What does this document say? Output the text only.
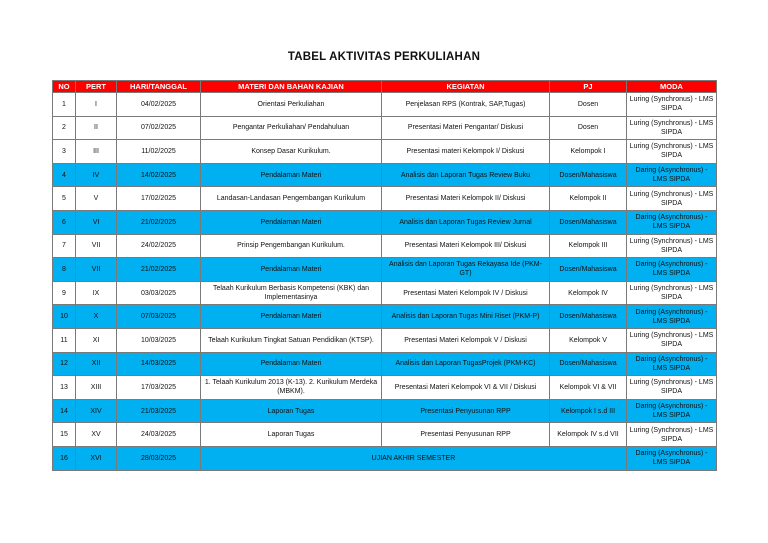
TABEL AKTIVITAS PERKULIAHAN
NO	PERT	HARI/TANGGAL	MATERI DAN BAHAN KAJIAN	KEGIATAN	PJ	MODA
1	I	04/02/2025	Orientasi Perkuliahan	Penjelasan RPS (Kontrak, SAP,Tugas)	Dosen	Luring (Synchronus) - LMS SIPDA
2	II	07/02/2025	Pengantar Perkuliahan/ Pendahuluan	Presentasi Materi Pengantar/ Diskusi	Dosen	Luring (Synchronus) - LMS SIPDA
3	III	11/02/2025	Konsep Dasar Kurikulum.	Presentasi materi Kelompok I/ Diskusi	Kelompok I	Luring (Synchronus) - LMS SIPDA
4	IV	14/02/2025	Pendalaman Materi	Analisis dan Laporan Tugas Review Buku	Dosen/Mahasiswa	Daring (Asynchronus) - LMS SIPDA
5	V	17/02/2025	Landasan-Landasan Pengembangan Kurikulum	Presentasi Materi Kelompok II/ Diskusi	Kelompok II	Luring (Synchronus) - LMS SIPDA
6	VI	21/02/2025	Pendalaman Materi	Analisis dan Laporan Tugas Review Jurnal	Dosen/Mahasiswa	Daring (Asynchronus) - LMS SIPDA
7	VII	24/02/2025	Prinsip Pengembangan Kurikulum.	Presentasi Materi Kelompok III/ Diskusi	Kelompok III	Luring (Synchronus) - LMS SIPDA
8	VII	21/02/2025	Pendalaman Materi	Analisis dan Laporan Tugas Rekayasa Ide (PKM-GT)	Dosen/Mahasiswa	Daring (Asynchronus) - LMS SIPDA
9	IX	03/03/2025	Telaah Kurikulum Berbasis Kompetensi (KBK) dan Implementasinya	Presentasi Materi Kelompok IV / Diskusi	Kelompok IV	Luring (Synchronus) - LMS SIPDA
10	X	07/03/2025	Pendalaman Materi	Analisis dan Laporan Tugas Mini Riset (PKM-P)	Dosen/Mahasiswa	Daring (Asynchronus) - LMS SIPDA
11	XI	10/03/2025	Telaah Kurikulum Tingkat Satuan Pendidikan (KTSP).	Presentasi Materi Kelompok V / Diskusi	Kelompok V	Luring (Synchronus) - LMS SIPDA
12	XII	14/03/2025	Pendalaman Materi	Analisis dan Laporan TugasProjek (PKM-KC)	Dosen/Mahasiswa	Daring (Asynchronus) - LMS SIPDA
13	XIII	17/03/2025	1. Telaah Kurikulum 2013 (K-13). 2. Kurikulum Merdeka (MBKM).	Presentasi Materi Kelompok VI & VII / Diskusi	Kelompok VI & VII	Luring (Synchronus) - LMS SIPDA
14	XIV	21/03/2025	Laporan Tugas	Presentasi Penyusunan RPP	Kelompok I s.d III	Daring (Asynchronus) - LMS SIPDA
15	XV	24/03/2025	Laporan Tugas	Presentasi Penyusunan RPP	Kelompok IV s.d VII	Luring (Synchronus) - LMS SIPDA
16	XVI	28/03/2025	UJIAN AKHIR SEMESTER			Daring (Asynchronus) - LMS SIPDA
